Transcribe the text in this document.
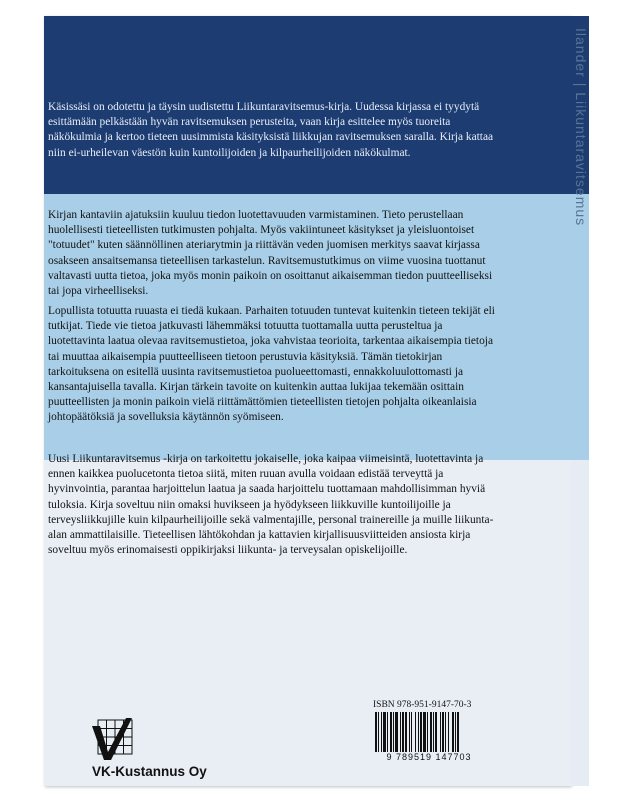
Ilander | Liikuntaravitsemus

Käsissäsi on odotettu ja täysin uudistettu Liikuntaravitsemus-kirja. Uudessa kirjassa ei tyydytä esittämään pelkästään hyvän ravitsemuksen perusteita, vaan kirja esittelee myös tuoreita näkökulmia ja kertoo tieteen uusimmista käsityksistä liikkujan ravitsemuksen saralla. Kirja kattaa niin ei-urheilevan väestön kuin kuntoilijoiden ja kilpaurheilijoiden näkökulmat.

Kirjan kantaviin ajatuksiin kuuluu tiedon luotettavuuden varmistaminen. Tieto perustellaan huolellisesti tieteellisten tutkimusten pohjalta. Myös vakiintuneet käsitykset ja yleisluontoiset "totuudet" kuten säännöllinen ateriarytmin ja riittävän veden juomisen merkitys saavat kirjassa osakseen ansaitsemansa tieteellisen tarkastelun. Ravitsemustutkimus on viime vuosina tuottanut valtavasti uutta tietoa, joka myös monin paikoin on osoittanut aikaisemman tiedon puutteelliseksi tai jopa virheelliseksi.

Lopullista totuutta ruuasta ei tiedä kukaan. Parhaiten totuuden tuntevat kuitenkin tieteen tekijät eli tutkijat. Tiede vie tietoa jatkuvasti lähemmäksi totuutta tuottamalla uutta perusteltua ja luotettavinta laatua olevaa ravitsemustietoa, joka vahvistaa teorioita, tarkentaa aikaisempia tietoja tai muuttaa aikaisempia puutteelliseen tietoon perustuvia käsityksiä. Tämän tietokirjan tarkoituksena on esitellä uusinta ravitsemustietoa puolueettomasti, ennakkoluulottomasti ja kansantajuisella tavalla. Kirjan tärkein tavoite on kuitenkin auttaa lukijaa tekemään osittain puutteellisten ja monin paikoin vielä riittämättömien tieteellisten tietojen pohjalta oikeanlaisia johtopäätöksiä ja sovelluksia käytännön syömiseen.

Uusi Liikuntaravitsemus -kirja on tarkoitettu jokaiselle, joka kaipaa viimeisintä, luotettavinta ja ennen kaikkea puolucetonta tietoa siitä, miten ruuan avulla voidaan edistää terveyttä ja hyvinvointia, parantaa harjoittelun laatua ja saada harjoittelu tuottamaan mahdollisimman hyviä tuloksia. Kirja soveltuu niin omaksi huvikseen ja hyödykseen liikkuville kuntoilijoille ja terveysliikkujille kuin kilpaurheilijoille sekä valmentajille, personal trainereille ja muille liikunta-alan ammattilaisille. Tieteellisen lähtökohdan ja kattavien kirjallisuusviitteiden ansiosta kirja soveltuu myös erinomaisesti oppikirjaksi liikunta- ja terveysalan opiskelijoille.

ISBN 978-951-9147-70-3
9 789519 147703
VK-Kustannus Oy
